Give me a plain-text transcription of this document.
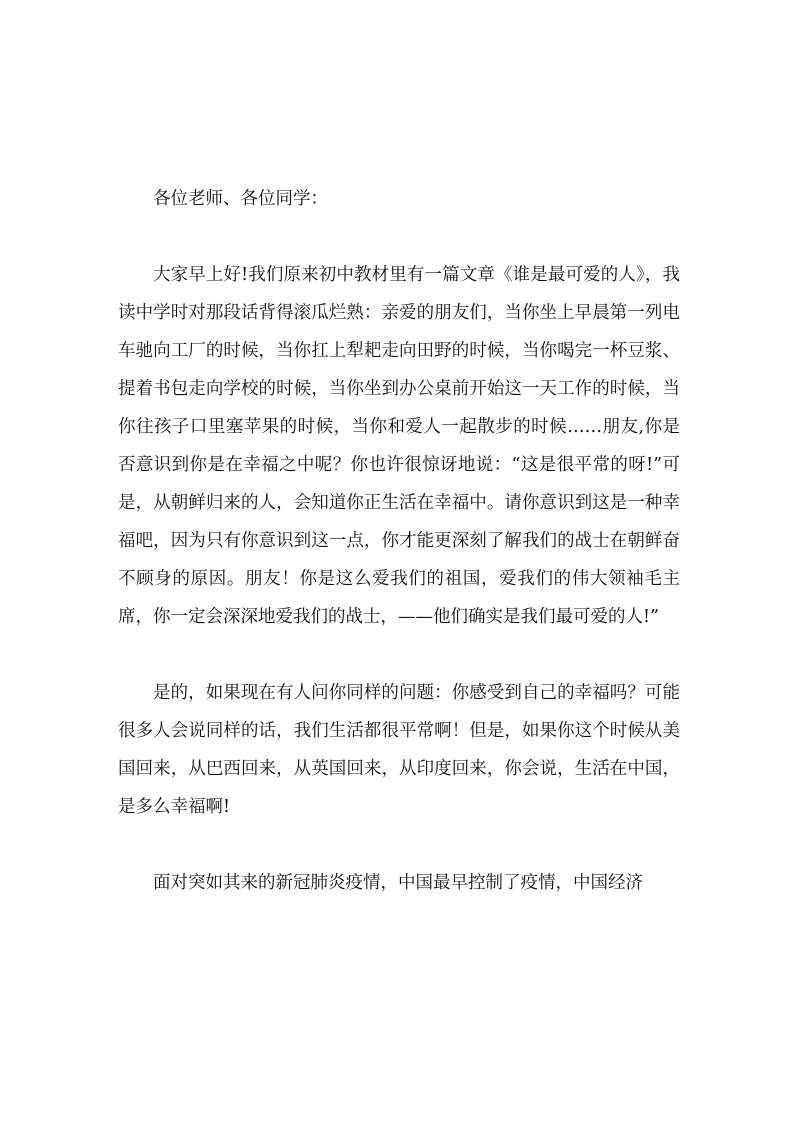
各位老师、各位同学：

大家早上好!我们原来初中教材里有一篇文章《谁是最可爱的人》，我读中学时对那段话背得滚瓜烂熟：亲爱的朋友们，当你坐上早晨第一列电车驰向工厂的时候，当你扛上犁耙走向田野的时候，当你喝完一杯豆浆、提着书包走向学校的时候，当你坐到办公桌前开始这一天工作的时候，当你往孩子口里塞苹果的时候，当你和爱人一起散步的时候……朋友,你是否意识到你是在幸福之中呢？你也许很惊讶地说：“这是很平常的呀!”可是，从朝鲜归来的人，会知道你正生活在幸福中。请你意识到这是一种幸福吧，因为只有你意识到这一点，你才能更深刻了解我们的战士在朝鲜奋不顾身的原因。朋友！你是这么爱我们的祖国，爱我们的伟大领袖毛主席，你一定会深深地爱我们的战士，——他们确实是我们最可爱的人!”

是的，如果现在有人问你同样的问题：你感受到自己的幸福吗？可能很多人会说同样的话，我们生活都很平常啊！但是，如果你这个时候从美国回来，从巴西回来，从英国回来，从印度回来，你会说，生活在中国，是多么幸福啊!

面对突如其来的新冠肺炎疫情，中国最早控制了疫情，中国经济
